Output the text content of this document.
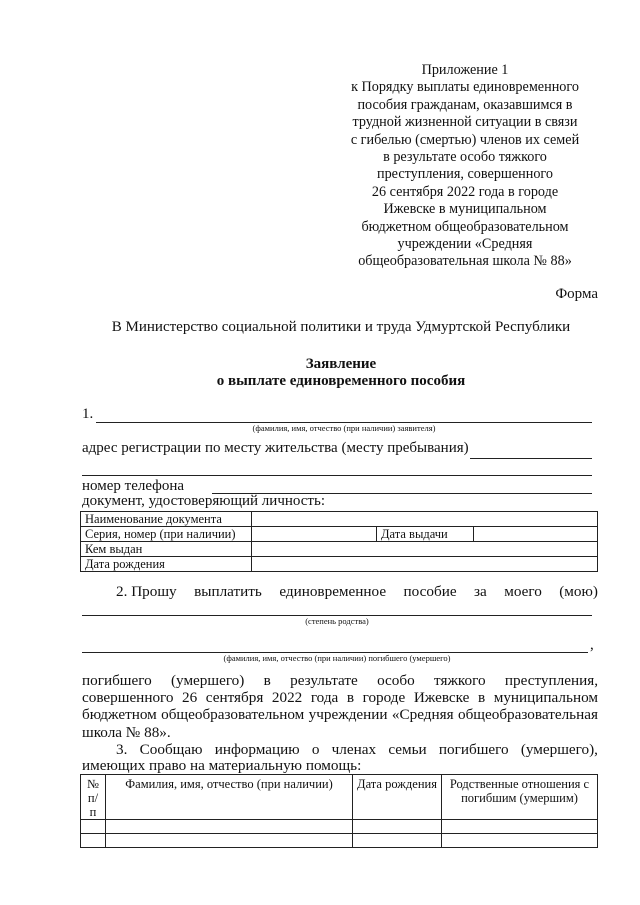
Приложение 1
к Порядку выплаты единовременного
пособия гражданам, оказавшимся в
трудной жизненной ситуации в связи
с гибелью (смертью) членов их семей
в результате особо тяжкого
преступления, совершенного
26 сентября 2022 года в городе
Ижевске в муниципальном
бюджетном общеобразовательном
учреждении «Средняя
общеобразовательная школа № 88»
Форма
В Министерство социальной политики и труда Удмуртской Республики
Заявление
о выплате единовременного пособия
1.
(фамилия, имя, отчество (при наличии) заявителя)
адрес регистрации по месту жительства (месту пребывания)
номер телефона
документ, удостоверяющий личность:
Наименование документа			
Серия, номер (при наличии)		Дата выдачи	
Кем выдан			
Дата рождения			
2. Прошу выплатить единовременное пособие за моего (мою)
(степень родства)
,
(фамилия, имя, отчество (при наличии) погибшего (умершего)
погибшего (умершего) в результате особо тяжкого преступления,
совершенного 26 сентября 2022 года в городе Ижевске в муниципальном
бюджетном общеобразовательном учреждении «Средняя общеобразовательная
школа № 88».
3. Сообщаю информацию о членах семьи погибшего (умершего),
имеющих право на материальную помощь:
№ п/п	Фамилия, имя, отчество (при наличии)	Дата рождения	Родственные отношения с погибшим (умершим)
